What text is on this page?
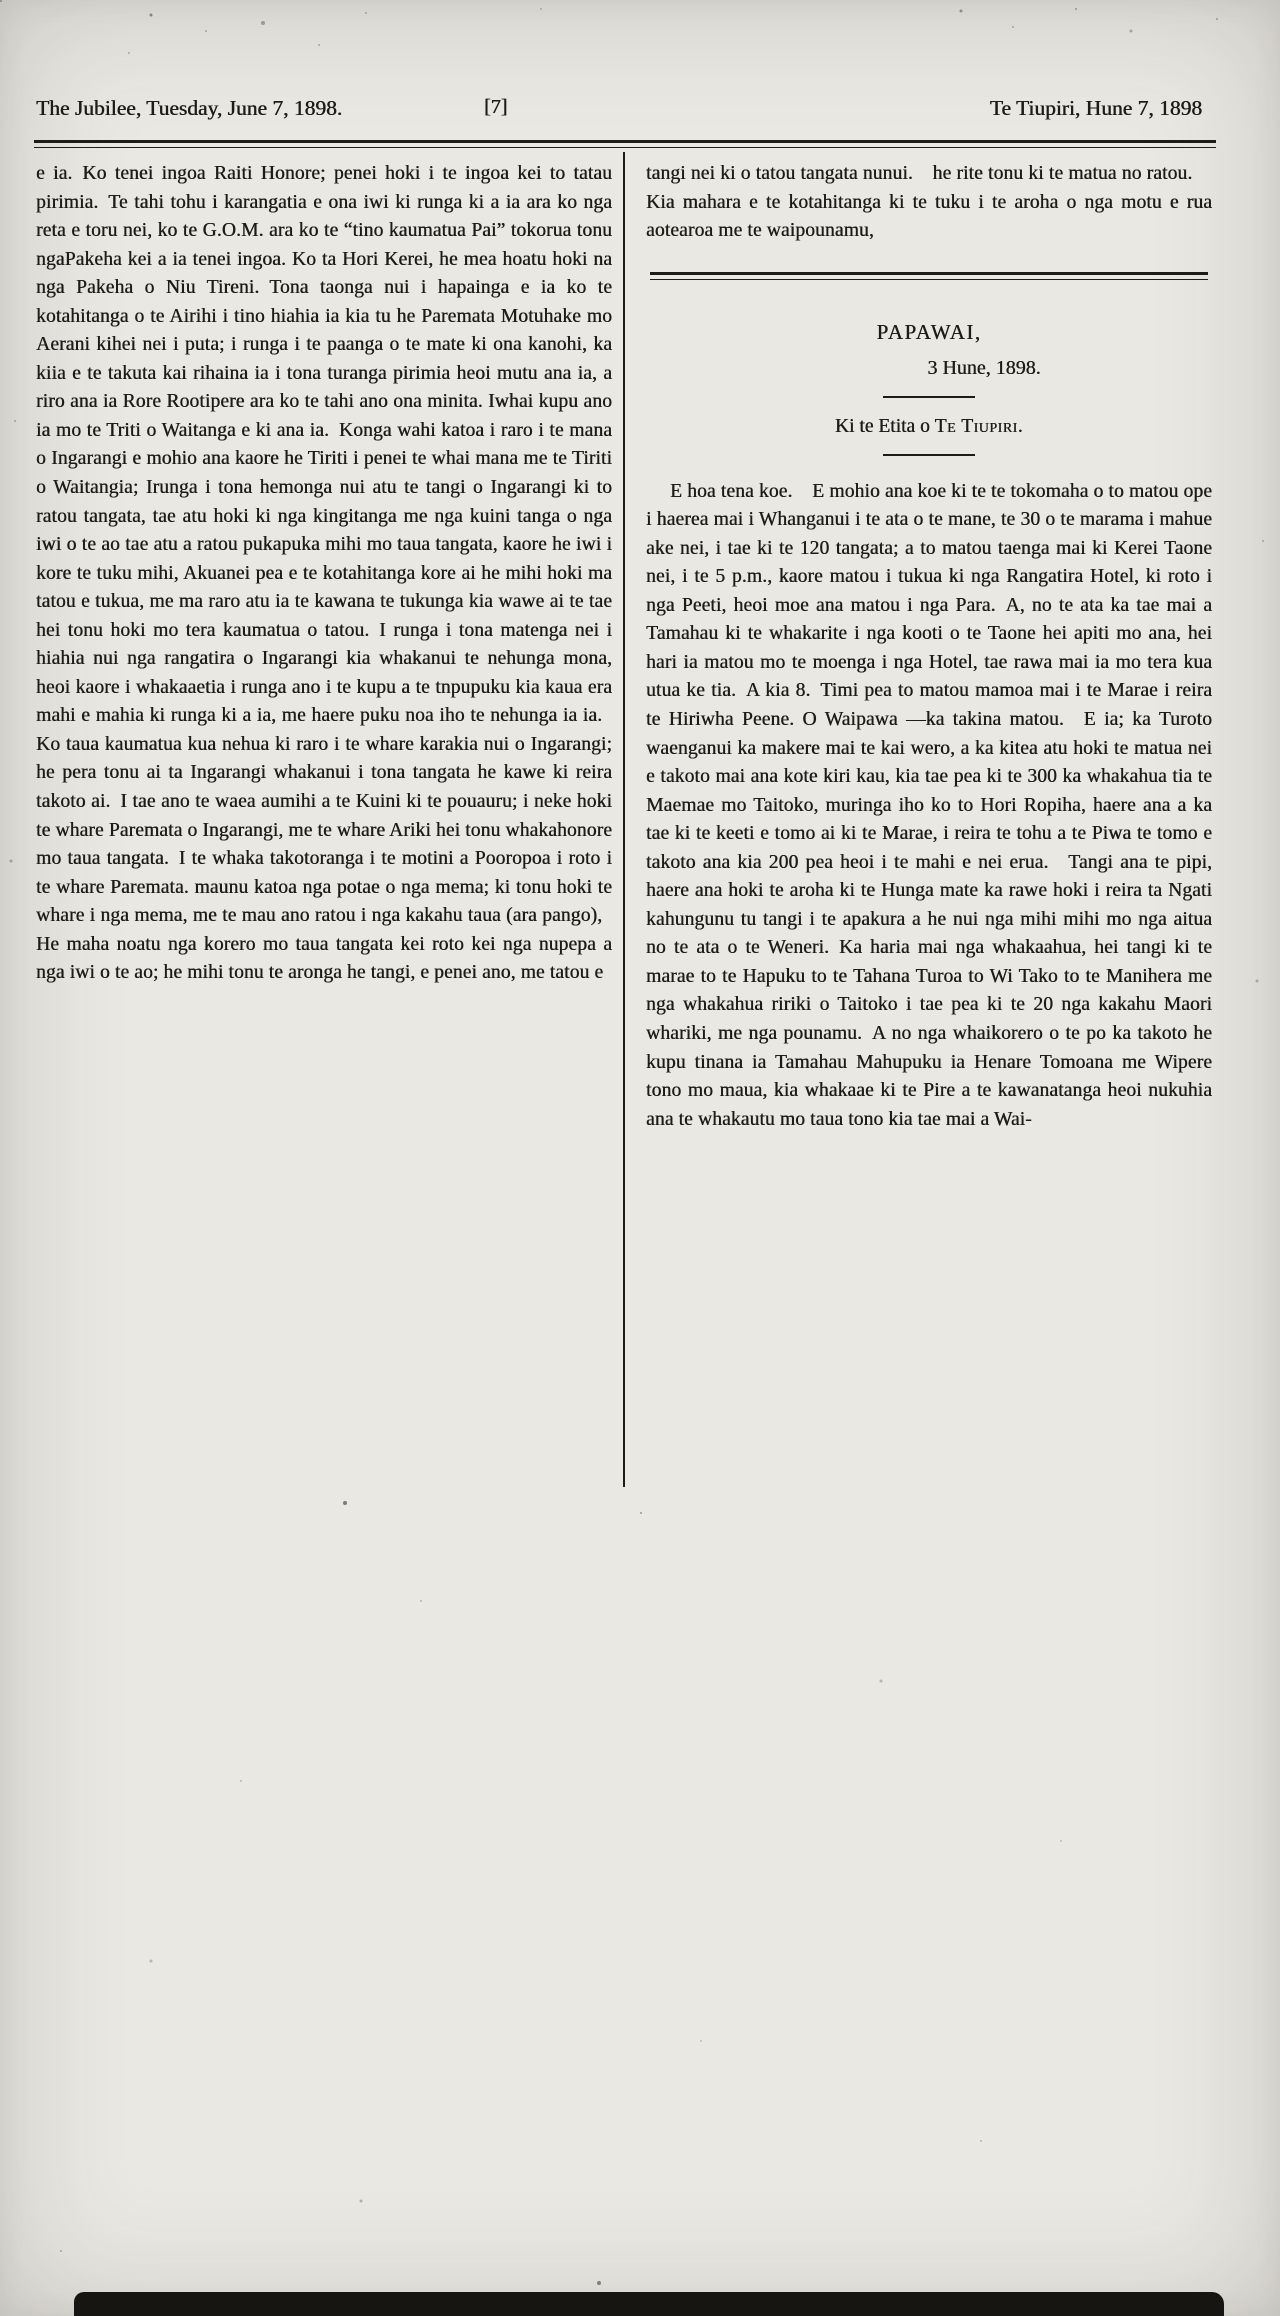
The Jubilee, Tuesday, June 7, 1898.	[7]	Te Tiupiri, Hune 7, 1898

e ia. Ko tenei ingoa Raiti Honore; penei hoki i te ingoa kei to tatau pirimia. Te tahi tohu i karangatia e ona iwi ki runga ki a ia ara ko nga reta e toru nei, ko te G.O.M. ara ko te “tino kaumatua Pai” tokorua tonu ngaPakeha kei a ia tenei ingoa. Ko ta Hori Kerei, he mea hoatu hoki na nga Pakeha o Niu Tireni. Tona taonga nui i hapainga e ia ko te kotahitanga o te Airihi i tino hiahia ia kia tu he Paremata Motuhake mo Aerani kihei nei i puta; i runga i te paanga o te mate ki ona kanohi, ka kiia e te takuta kai rihaina ia i tona turanga pirimia heoi mutu ana ia, a riro ana ia Rore Rootipere ara ko te tahi ano ona minita. Iwhai kupu ano ia mo te Triti o Waitanga e ki ana ia. Konga wahi katoa i raro i te mana o Ingarangi e mohio ana kaore he Tiriti i penei te whai mana me te Tiriti o Waitangia; Irunga i tona hemonga nui atu te tangi o Ingarangi ki to ratou tangata, tae atu hoki ki nga kingitanga me nga kuini tanga o nga iwi o te ao tae atu a ratou pukapuka mihi mo taua tangata, kaore he iwi i kore te tuku mihi, Akuanei pea e te kotahitanga kore ai he mihi hoki ma tatou e tukua, me ma raro atu ia te kawana te tukunga kia wawe ai te tae hei tonu hoki mo tera kaumatua o tatou. I runga i tona matenga nei i hiahia nui nga rangatira o Ingarangi kia whakanui te nehunga mona, heoi kaore i whakaaetia i runga ano i te kupu a te tnpupuku kia kaua era mahi e mahia ki runga ki a ia, me haere puku noa iho te nehunga ia ia. Ko taua kaumatua kua nehua ki raro i te whare karakia nui o Ingarangi; he pera tonu ai ta Ingarangi whakanui i tona tangata he kawe ki reira takoto ai. I tae ano te waea aumihi a te Kuini ki te pouauru; i neke hoki te whare Paremata o Ingarangi, me te whare Ariki hei tonu whakahonore mo taua tangata. I te whaka takotoranga i te motini a Pooropoa i roto i te whare Paremata. maunu katoa nga potae o nga mema; ki tonu hoki te whare i nga mema, me te mau ano ratou i nga kakahu taua (ara pango), He maha noatu nga korero mo taua tangata kei roto kei nga nupepa a nga iwi o te ao; he mihi tonu te aronga he tangi, e penei ano, me tatou e

tangi nei ki o tatou tangata nunui. he rite tonu ki te matua no ratou. Kia mahara e te kotahitanga ki te tuku i te aroha o nga motu e rua aotearoa me te waipounamu,

PAPAWAI,
3 Hune, 1898.
Ki te Etita o Te Tiupiri.

E hoa tena koe. E mohio ana koe ki te te tokomaha o to matou ope i haerea mai i Whanganui i te ata o te mane, te 30 o te marama i mahue ake nei, i tae ki te 120 tangata; a to matou taenga mai ki Kerei Taone nei, i te 5 p.m., kaore matou i tukua ki nga Rangatira Hotel, ki roto i nga Peeti, heoi moe ana matou i nga Para. A, no te ata ka tae mai a Tamahau ki te whakarite i nga kooti o te Taone hei apiti mo ana, hei hari ia matou mo te moenga i nga Hotel, tae rawa mai ia mo tera kua utua ke tia. A kia 8. Timi pea to matou mamoa mai i te Marae i reira te Hiriwha Peene. O Waipawa —ka takina matou. E ia; ka Turoto waenganui ka makere mai te kai wero, a ka kitea atu hoki te matua nei e takoto mai ana kote kiri kau, kia tae pea ki te 300 ka whakahua tia te Maemae mo Taitoko, muringa iho ko to Hori Ropiha, haere ana a ka tae ki te keeti e tomo ai ki te Marae, i reira te tohu a te Piwa te tomo e takoto ana kia 200 pea heoi i te mahi e nei erua. Tangi ana te pipi, haere ana hoki te aroha ki te Hunga mate ka rawe hoki i reira ta Ngati kahungunu tu tangi i te apakura a he nui nga mihi mihi mo nga aitua no te ata o te Weneri. Ka haria mai nga whakaahua, hei tangi ki te marae to te Hapuku to te Tahana Turoa to Wi Tako to te Manihera me nga whakahua ririki o Taitoko i tae pea ki te 20 nga kakahu Maori whariki, me nga pounamu. A no nga whaikorero o te po ka takoto he kupu tinana ia Tamahau Mahupuku ia Henare Tomoana me Wipere tono mo maua, kia whakaae ki te Pire a te kawanatanga heoi nukuhia ana te whakautu mo taua tono kia tae mai a Wai-
